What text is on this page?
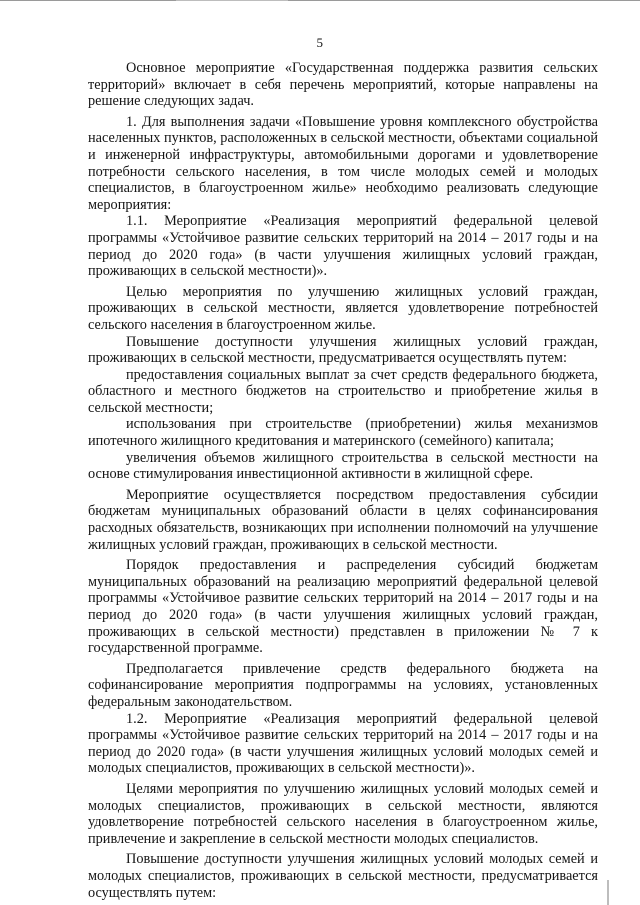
5

Основное мероприятие «Государственная поддержка развития сельских территорий» включает в себя перечень мероприятий, которые направлены на решение следующих задач.

1. Для выполнения задачи «Повышение уровня комплексного обустройства населенных пунктов, расположенных в сельской местности, объектами социальной и инженерной инфраструктуры, автомобильными дорогами и удовлетворение потребности сельского населения, в том числе молодых семей и молодых специалистов, в благоустроенном жилье» необходимо реализовать следующие мероприятия:

1.1. Мероприятие «Реализация мероприятий федеральной целевой программы «Устойчивое развитие сельских территорий на 2014 – 2017 годы и на период до 2020 года» (в части улучшения жилищных условий граждан, проживающих в сельской местности)».

Целью мероприятия по улучшению жилищных условий граждан, проживающих в сельской местности, является удовлетворение потребностей сельского населения в благоустроенном жилье.

Повышение доступности улучшения жилищных условий граждан, проживающих в сельской местности, предусматривается осуществлять путем:

предоставления социальных выплат за счет средств федерального бюджета, областного и местного бюджетов на строительство и приобретение жилья в сельской местности;

использования при строительстве (приобретении) жилья механизмов ипотечного жилищного кредитования и материнского (семейного) капитала;

увеличения объемов жилищного строительства в сельской местности на основе стимулирования инвестиционной активности в жилищной сфере.

Мероприятие осуществляется посредством предоставления субсидии бюджетам муниципальных образований области в целях софинансирования расходных обязательств, возникающих при исполнении полномочий на улучшение жилищных условий граждан, проживающих в сельской местности.

Порядок предоставления и распределения субсидий бюджетам муниципальных образований на реализацию мероприятий федеральной целевой программы «Устойчивое развитие сельских территорий на 2014 – 2017 годы и на период до 2020 года» (в части улучшения жилищных условий граждан, проживающих в сельской местности) представлен в приложении № 7 к государственной программе.

Предполагается привлечение средств федерального бюджета на софинансирование мероприятия подпрограммы на условиях, установленных федеральным законодательством.

1.2. Мероприятие «Реализация мероприятий федеральной целевой программы «Устойчивое развитие сельских территорий на 2014 – 2017 годы и на период до 2020 года» (в части улучшения жилищных условий молодых семей и молодых специалистов, проживающих в сельской местности)».

Целями мероприятия по улучшению жилищных условий молодых семей и молодых специалистов, проживающих в сельской местности, являются удовлетворение потребностей сельского населения в благоустроенном жилье, привлечение и закрепление в сельской местности молодых специалистов.

Повышение доступности улучшения жилищных условий молодых семей и молодых специалистов, проживающих в сельской местности, предусматривается осуществлять путем:
